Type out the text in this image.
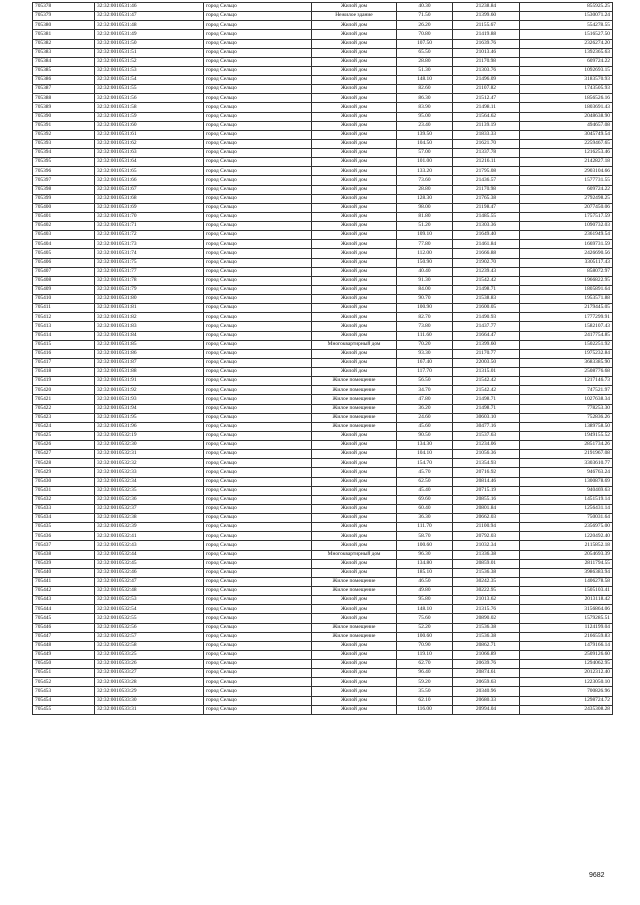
705378	32:32:0010531:46	город Сельцо	Жилой дом	40.30	21238.84	855925.25
705379	32:32:0010531:47	город Сельцо	Нежилое здание	71.50	21399.60	1530071.24
705380	32:32:0010531:48	город Сельцо	Жилой дом	26.20	21155.67	554278.55
705381	32:32:0010531:49	город Сельцо	Жилой дом	70.80	21419.88	1516527.50
705382	32:32:0010531:50	город Сельцо	Жилой дом	107.50	21639.76	2326274.20
705383	32:32:0010531:51	город Сельцо	Жилой дом	65.50	21013.46	1392365.63
705384	32:32:0010531:52	город Сельцо	Жилой дом	28.80	21170.98	609724.22
705385	32:32:0010531:53	город Сельцо	Жилой дом	51.30	21303.76	1092693.15
705386	32:32:0010531:54	город Сельцо	Жилой дом	148.10	21496.09	3183570.93
705387	32:32:0010531:55	город Сельцо	Жилой дом	82.60	21107.82	1743505.93
705388	32:32:0010531:56	город Сельцо	Жилой дом	86.30	21512.47	1856526.16
705389	32:32:0010531:58	город Сельцо	Жилой дом	83.90	21498.11	1803691.43
705390	32:32:0010531:59	город Сельцо	Жилой дом	95.00	21564.62	2048638.90
705391	32:32:0010531:60	город Сельцо	Жилой дом	23.40	21139.19	494657.08
705392	32:32:0010531:61	город Сельцо	Жилой дом	139.50	21833.33	3045749.54
705393	32:32:0010531:62	город Сельцо	Жилой дом	104.50	21621.70	2259467.65
705394	32:32:0010531:63	город Сельцо	Жилой дом	57.00	21337.78	1216253.46
705395	32:32:0010531:64	город Сельцо	Жилой дом	101.00	21216.11	2142827.18
705396	32:32:0010531:65	город Сельцо	Жилой дом	133.20	21795.08	2903104.66
705397	32:32:0010531:66	город Сельцо	Жилой дом	73.60	21436.57	1577731.55
705398	32:32:0010531:67	город Сельцо	Жилой дом	28.80	21170.98	609724.22
705399	32:32:0010531:68	город Сельцо	Жилой дом	128.30	21765.38	2792498.25
705400	32:32:0010531:69	город Сельцо	Жилой дом	98.00	21198.47	2077450.06
705401	32:32:0010531:70	город Сельцо	Жилой дом	81.80	21485.55	1757517.59
705402	32:32:0010531:71	город Сельцо	Жилой дом	51.20	21303.36	1090732.03
705403	32:32:0010531:72	город Сельцо	Жилой дом	109.10	21649.40	2361949.54
705404	32:32:0010531:73	город Сельцо	Жилой дом	77.80	21461.84	1669731.59
705405	32:32:0010531:74	город Сельцо	Жилой дом	112.00	21666.88	2426690.56
705406	32:32:0010531:75	город Сельцо	Жилой дом	150.90	21902.70	3305117.43
705407	32:32:0010531:77	город Сельцо	Жилой дом	40.40	21239.43	858072.97
705408	32:32:0010531:78	город Сельцо	Жилой дом	91.30	21542.42	1966822.95
705409	32:32:0010531:79	город Сельцо	Жилой дом	84.00	21498.71	1805891.64
705410	32:32:0010531:80	город Сельцо	Жилой дом	90.70	21538.83	1953571.88
705411	32:32:0010531:81	город Сельцо	Жилой дом	100.90	21600.05	2179445.05
705412	32:32:0010531:82	город Сельцо	Жилой дом	82.70	21490.93	1777299.91
705413	32:32:0010531:83	город Сельцо	Жилой дом	73.80	21437.77	1582107.43
705414	32:32:0010531:84	город Сельцо	Жилой дом	111.60	21664.47	2417754.85
705415	32:32:0010531:85	город Сельцо	Многоквартирный дом	70.20	21399.60	1502251.92
705416	32:32:0010531:86	город Сельцо	Жилой дом	93.30	21170.77	1975232.84
705417	32:32:0010531:87	город Сельцо	Жилой дом	167.40	22003.50	3683385.90
705418	32:32:0010531:88	город Сельцо	Жилой дом	117.70	21315.01	2508776.68
705419	32:32:0010531:91	город Сельцо	Жилое помещение	56.50	21542.42	1217146.73
705420	32:32:0010531:92	город Сельцо	Жилое помещение	34.70	21542.42	747521.97
705421	32:32:0010531:93	город Сельцо	Жилое помещение	47.80	21498.71	1027638.34
705422	32:32:0010531:94	город Сельцо	Жилое помещение	36.20	21498.71	778253.30
705423	32:32:0010531:95	город Сельцо	Жилое помещение	24.60	30603.10	752836.26
705424	32:32:0010531:96	город Сельцо	Жилое помещение	45.60	30477.16	1389758.50
705425	32:32:0010532:19	город Сельцо	Жилой дом	90.50	21537.63	1949155.52
705426	32:32:0010532:30	город Сельцо	Жилой дом	134.30	21234.06	2851734.26
705427	32:32:0010532:31	город Сельцо	Жилой дом	104.10	21056.36	2191967.08
705428	32:32:0010532:32	город Сельцо	Жилой дом	154.70	21354.93	3303610.77
705429	32:32:0010532:33	город Сельцо	Жилой дом	45.70	20716.92	946763.24
705430	32:32:0010532:34	город Сельцо	Жилой дом	62.50	20814.46	1300878.69
705431	32:32:0010532:35	город Сельцо	Жилой дом	45.40	20715.19	940469.63
705432	32:32:0010532:36	город Сельцо	Жилой дом	69.60	20855.16	1451519.14
705433	32:32:0010532:37	город Сельцо	Жилой дом	60.40	20801.84	1256431.14
705434	32:32:0010532:38	город Сельцо	Жилой дом	36.30	20662.03	750031.64
705435	32:32:0010532:39	город Сельцо	Жилой дом	111.70	21100.94	2356975.00
705436	32:32:0010532:41	город Сельцо	Жилой дом	58.70	20792.03	1220492.40
705437	32:32:0010532:43	город Сельцо	Жилой дом	100.60	21032.34	2115852.18
705438	32:32:0010532:44	город Сельцо	Многоквартирный дом	96.30	21336.38	2054693.39
705439	32:32:0010532:45	город Сельцо	Жилой дом	134.80	20859.01	2811794.55
705440	32:32:0010532:46	город Сельцо	Жилой дом	185.10	21536.38	3986383.94
705441	32:32:0010532:47	город Сельцо	Жилое помещение	46.50	30242.35	1406278.58
705442	32:32:0010532:48	город Сельцо	Жилое помещение	49.80	30222.95	1505103.41
705443	32:32:0010532:53	город Сельцо	Жилой дом	95.80	21013.62	2013118.42
705444	32:32:0010532:54	город Сельцо	Жилой дом	148.10	21315.76	3156864.06
705445	32:32:0010532:55	город Сельцо	Жилой дом	75.60	20890.02	1579285.51
705446	32:32:0010532:56	город Сельцо	Жилое помещение	52.20	21536.38	1124199.04
705447	32:32:0010532:57	город Сельцо	Жилое помещение	100.60	21536.38	2166559.83
705448	32:32:0010532:58	город Сельцо	Жилой дом	70.90	20862.71	1479166.14
705449	32:32:0010533:25	город Сельцо	Жилой дом	119.10	21066.89	2509126.60
705450	32:32:0010533:26	город Сельцо	Жилой дом	62.70	20639.76	1294062.95
705451	32:32:0010533:27	город Сельцо	Жилой дом	96.40	20874.61	2012312.40
705452	32:32:0010533:28	город Сельцо	Жилой дом	59.20	20659.63	1223050.10
705453	32:32:0010533:29	город Сельцо	Жилой дом	35.50	20340.96	700826.96
705454	32:32:0010533:30	город Сельцо	Жилой дом	62.10	20680.33	1298724.72
705455	32:32:0010533:31	город Сельцо	Жилой дом	116.00	20994.04	2435308.28
9682
